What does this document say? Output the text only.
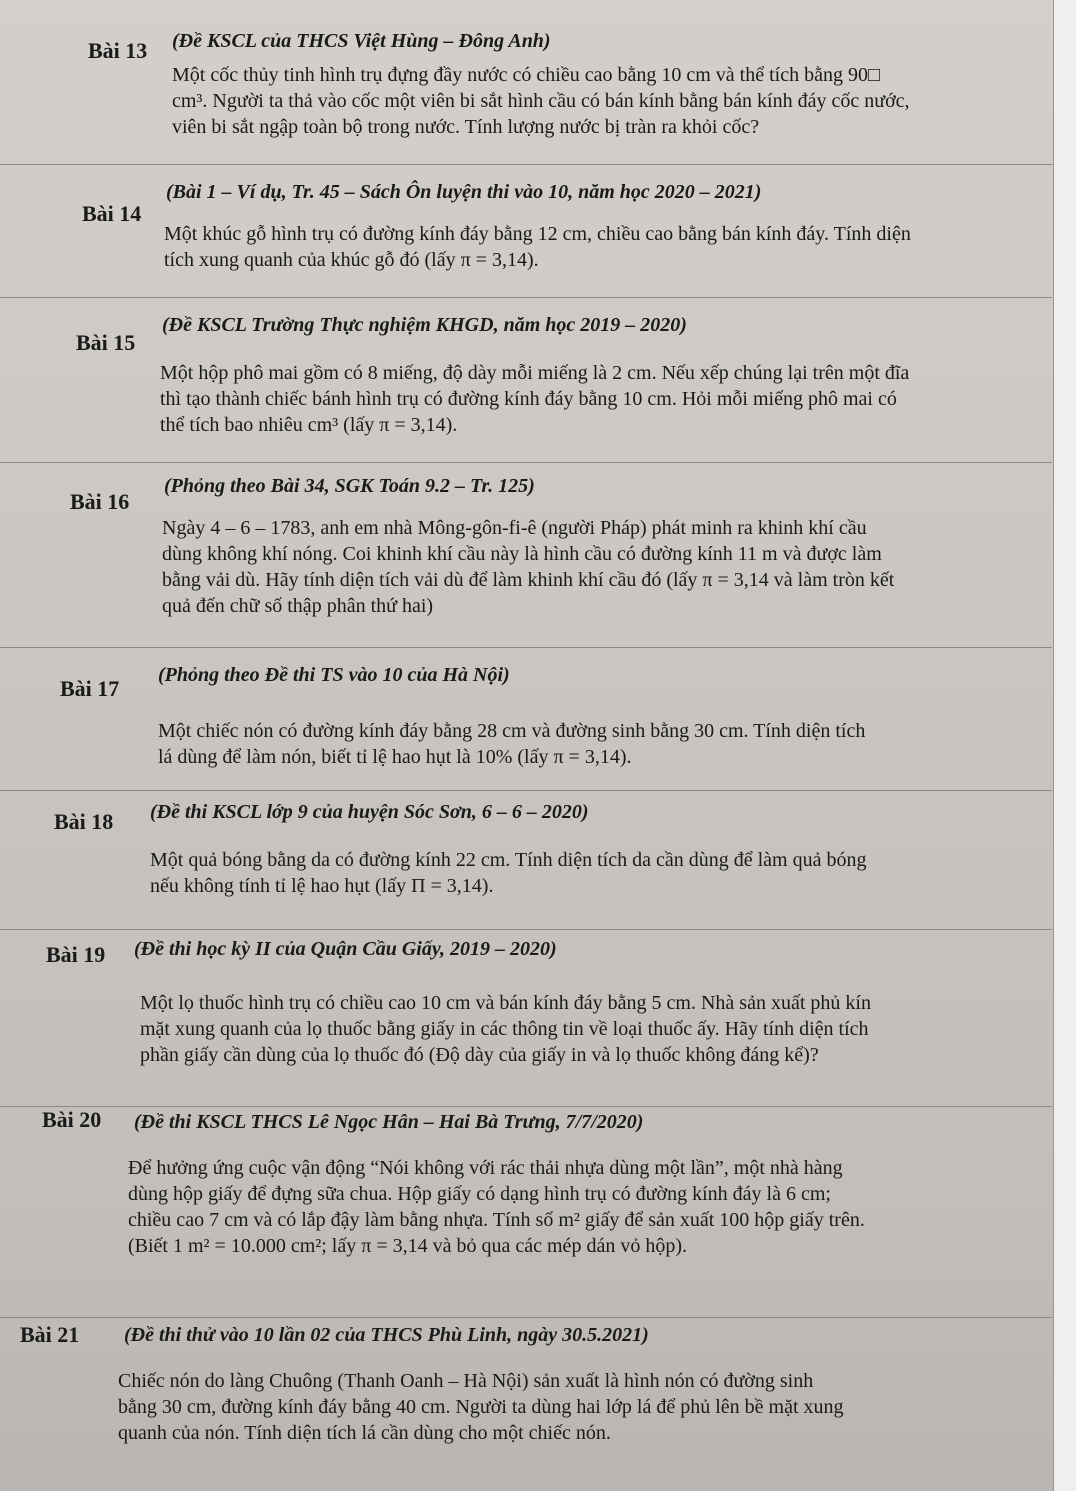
Bài 13 (Đề KSCL của THCS Việt Hùng – Đông Anh)

Một cốc thủy tinh hình trụ đựng đầy nước có chiều cao bằng 10 cm và thể tích bằng 90□

cm³. Người ta thả vào cốc một viên bi sắt hình cầu có bán kính bằng bán kính đáy cốc nước,

viên bi sắt ngập toàn bộ trong nước. Tính lượng nước bị tràn ra khỏi cốc?

Bài 14
(Bài 1 – Ví dụ, Tr. 45 – Sách Ôn luyện thi vào 10, năm học 2020 – 2021)

Một khúc gỗ hình trụ có đường kính đáy bằng 12 cm, chiều cao bằng bán kính đáy. Tính diện

tích xung quanh của khúc gỗ đó (lấy π = 3,14).

Bài 15
(Đề KSCL Trường Thực nghiệm KHGD, năm học 2019 – 2020)

Một hộp phô mai gồm có 8 miếng, độ dày mỗi miếng là 2 cm. Nếu xếp chúng lại trên một đĩa

thì tạo thành chiếc bánh hình trụ có đường kính đáy bằng 10 cm. Hỏi mỗi miếng phô mai có

thể tích bao nhiêu cm³ (lấy π = 3,14).

Bài 16
(Phỏng theo Bài 34, SGK Toán 9.2 – Tr. 125)

Ngày 4 – 6 – 1783, anh em nhà Mông-gôn-fi-ê (người Pháp) phát minh ra khinh khí cầu

dùng không khí nóng. Coi khinh khí cầu này là hình cầu có đường kính 11 m và được làm

bằng vải dù. Hãy tính diện tích vải dù để làm khinh khí cầu đó (lấy π = 3,14 và làm tròn kết

quả đến chữ số thập phân thứ hai)

Bài 17
(Phỏng theo Đề thi TS vào 10 của Hà Nội)

Một chiếc nón có đường kính đáy bằng 28 cm và đường sinh bằng 30 cm. Tính diện tích

lá dùng để làm nón, biết tỉ lệ hao hụt là 10% (lấy π = 3,14).

Bài 18 (Đề thi KSCL lớp 9 của huyện Sóc Sơn, 6 – 6 – 2020)

Một quả bóng bằng da có đường kính 22 cm. Tính diện tích da cần dùng để làm quả bóng

nếu không tính tỉ lệ hao hụt (lấy Π = 3,14).

Bài 19 (Đề thi học kỳ II của Quận Cầu Giấy, 2019 – 2020)

Một lọ thuốc hình trụ có chiều cao 10 cm và bán kính đáy bằng 5 cm. Nhà sản xuất phủ kín

mặt xung quanh của lọ thuốc bằng giấy in các thông tin về loại thuốc ấy. Hãy tính diện tích

phần giấy cần dùng của lọ thuốc đó (Độ dày của giấy in và lọ thuốc không đáng kể)?

Bài 20 (Đề thi KSCL THCS Lê Ngọc Hân – Hai Bà Trưng, 7/7/2020)

Để hưởng ứng cuộc vận động “Nói không với rác thải nhựa dùng một lần”, một nhà hàng

dùng hộp giấy để đựng sữa chua. Hộp giấy có dạng hình trụ có đường kính đáy là 6 cm;

chiều cao 7 cm và có lắp đậy làm bằng nhựa. Tính số m² giấy để sản xuất 100 hộp giấy trên.

(Biết 1 m² = 10.000 cm²; lấy π = 3,14 và bỏ qua các mép dán vỏ hộp).

Bài 21 (Đề thi thử vào 10 lần 02 của THCS Phù Linh, ngày 30.5.2021)

Chiếc nón do làng Chuông (Thanh Oanh – Hà Nội) sản xuất là hình nón có đường sinh

bằng 30 cm, đường kính đáy bằng 40 cm. Người ta dùng hai lớp lá để phủ lên bề mặt xung

quanh của nón. Tính diện tích lá cần dùng cho một chiếc nón.
